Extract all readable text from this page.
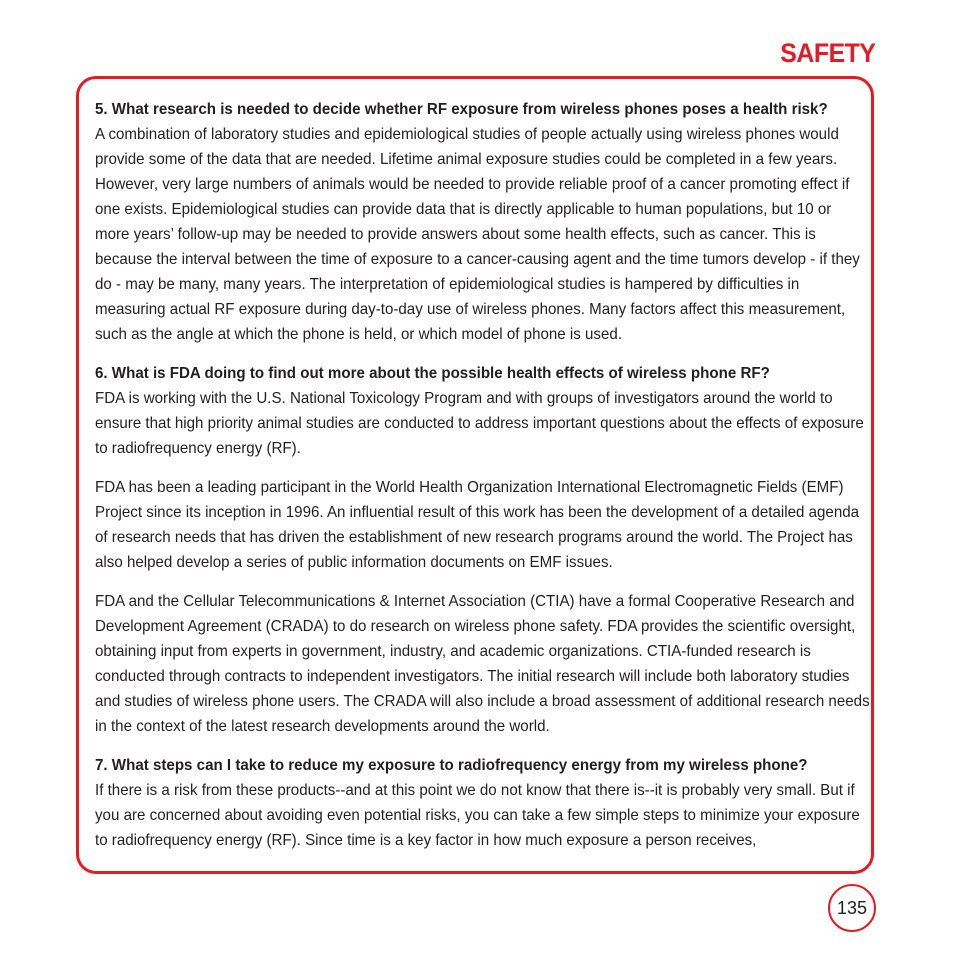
SAFETY

5. What research is needed to decide whether RF exposure from wireless phones poses a health risk?

A combination of laboratory studies and epidemiological studies of people actually using wireless phones would provide some of the data that are needed. Lifetime animal exposure studies could be completed in a few years. However, very large numbers of animals would be needed to provide reliable proof of a cancer promoting effect if one exists. Epidemiological studies can provide data that is directly applicable to human populations, but 10 or more years’ follow-up may be needed to provide answers about some health effects, such as cancer. This is because the interval between the time of exposure to a cancer-causing agent and the time tumors develop - if they do - may be many, many years. The interpretation of epidemiological studies is hampered by difficulties in measuring actual RF exposure during day-to-day use of wireless phones. Many factors affect this measurement, such as the angle at which the phone is held, or which model of phone is used.

6. What is FDA doing to find out more about the possible health effects of wireless phone RF?

FDA is working with the U.S. National Toxicology Program and with groups of investigators around the world to ensure that high priority animal studies are conducted to address important questions about the effects of exposure to radiofrequency energy (RF).

FDA has been a leading participant in the World Health Organization International Electromagnetic Fields (EMF) Project since its inception in 1996. An influential result of this work has been the development of a detailed agenda of research needs that has driven the establishment of new research programs around the world. The Project has also helped develop a series of public information documents on EMF issues.

FDA and the Cellular Telecommunications & Internet Association (CTIA) have a formal Cooperative Research and Development Agreement (CRADA) to do research on wireless phone safety. FDA provides the scientific oversight, obtaining input from experts in government, industry, and academic organizations. CTIA-funded research is conducted through contracts to independent investigators. The initial research will include both laboratory studies and studies of wireless phone users. The CRADA will also include a broad assessment of additional research needs in the context of the latest research developments around the world.

7. What steps can I take to reduce my exposure to radiofrequency energy from my wireless phone?

If there is a risk from these products--and at this point we do not know that there is--it is probably very small. But if you are concerned about avoiding even potential risks, you can take a few simple steps to minimize your exposure to radiofrequency energy (RF). Since time is a key factor in how much exposure a person receives,

135
